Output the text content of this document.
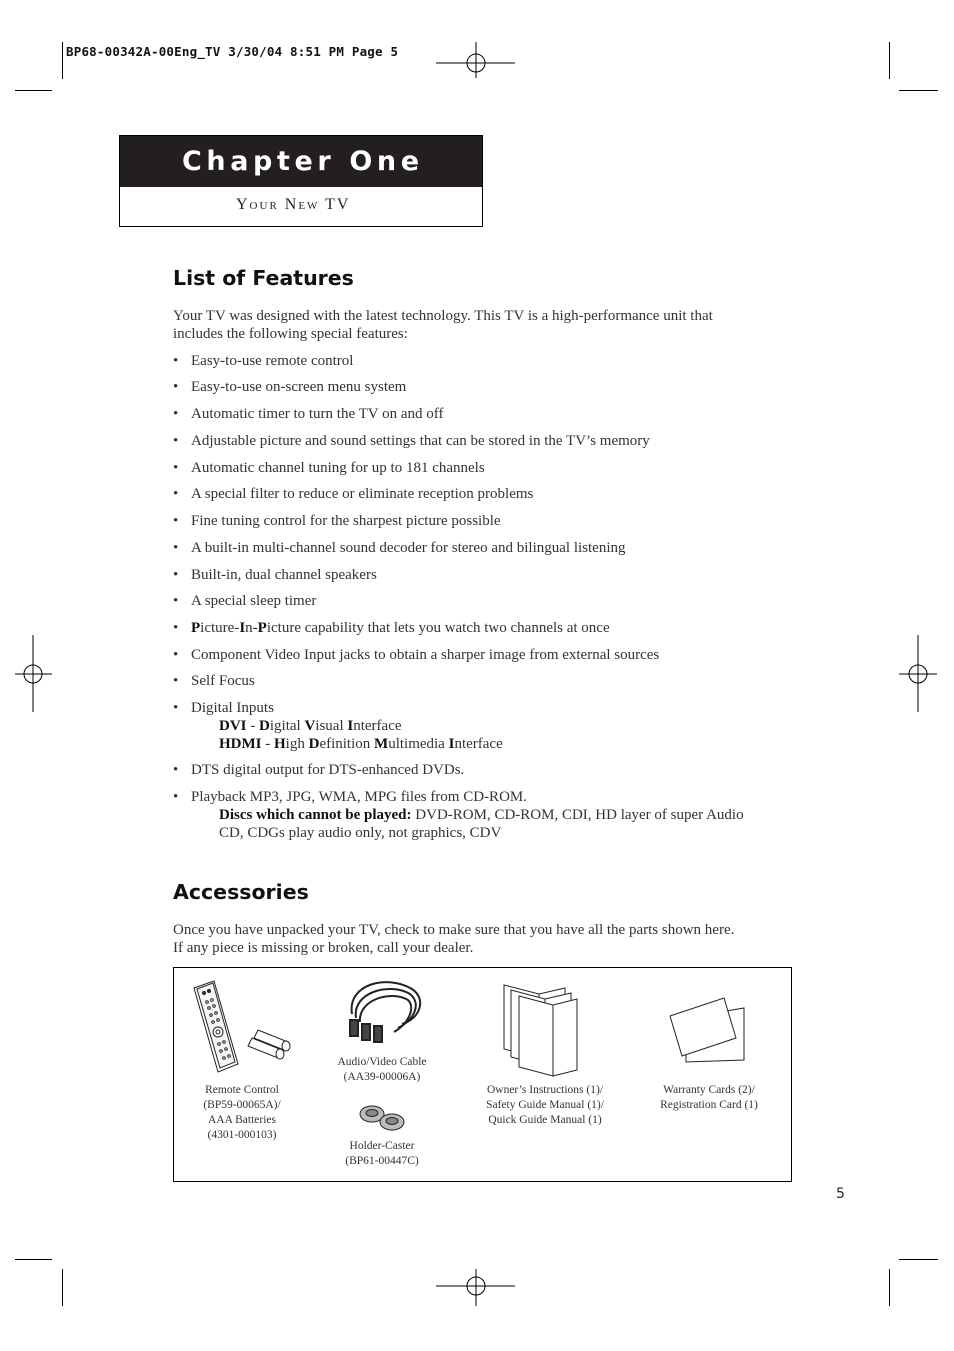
BP68-00342A-00Eng_TV 3/30/04 8:51 PM Page 5
Chapter One
Your New TV
List of Features
Your TV was designed with the latest technology. This TV is a high-performance unit that
includes the following special features:
• Easy-to-use remote control
• Easy-to-use on-screen menu system
• Automatic timer to turn the TV on and off
• Adjustable picture and sound settings that can be stored in the TV’s memory
• Automatic channel tuning for up to 181 channels
• A special filter to reduce or eliminate reception problems
• Fine tuning control for the sharpest picture possible
• A built-in multi-channel sound decoder for stereo and bilingual listening
• Built-in, dual channel speakers
• A special sleep timer
• Picture-In-Picture capability that lets you watch two channels at once
• Component Video Input jacks to obtain a sharper image from external sources
• Self Focus
• Digital Inputs
DVI - Digital Visual Interface
HDMI - High Definition Multimedia Interface
• DTS digital output for DTS-enhanced DVDs.
• Playback MP3, JPG, WMA, MPG files from CD-ROM.
Discs which cannot be played: DVD-ROM, CD-ROM, CDI, HD layer of super Audio
CD, CDGs play audio only, not graphics, CDV
Accessories
Once you have unpacked your TV, check to make sure that you have all the parts shown here.
If any piece is missing or broken, call your dealer.
Remote Control
(BP59-00065A)/
AAA Batteries
(4301-000103)
Audio/Video Cable
(AA39-00006A)
Holder-Caster
(BP61-00447C)
Owner’s Instructions (1)/
Safety Guide Manual (1)/
Quick Guide Manual (1)
Warranty Cards (2)/
Registration Card (1)
5
